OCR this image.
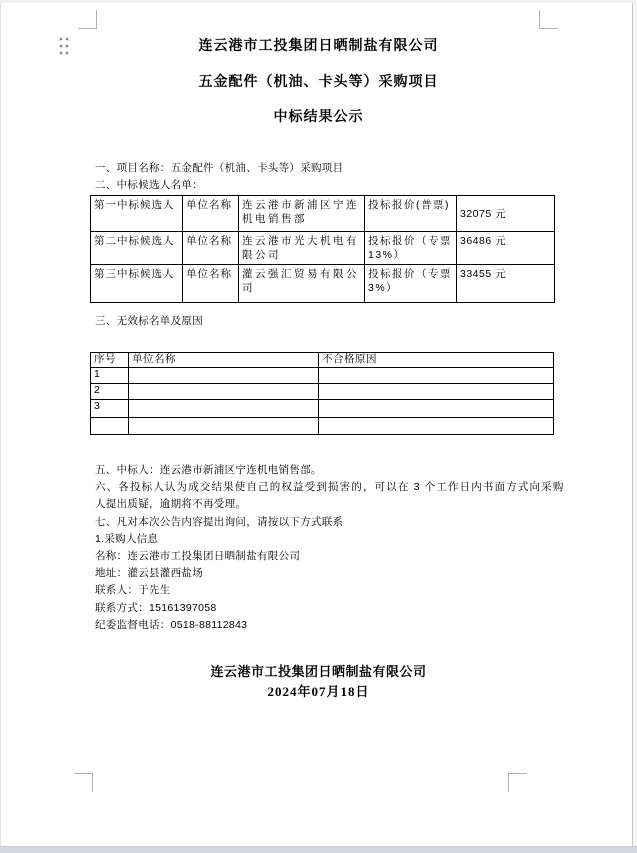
连云港市工投集团日晒制盐有限公司
五金配件（机油、卡头等）采购项目
中标结果公示
一、项目名称：五金配件（机油、卡头等）采购项目
二、中标候选人名单：
第一中标候选人	单位名称	连云港市新浦区宁连机电销售部	投标报价(普票)	32075 元
第二中标候选人	单位名称	连云港市光大机电有限公司	投标报价（专票13%）	36486 元
第三中标候选人	单位名称	灌云强汇贸易有限公司	投标报价（专票3%）	33455 元
三、无效标名单及原因
序号	单位名称	不合格原因
1		
2		
3		

五、中标人：连云港市新浦区宁连机电销售部。
六、各投标人认为成交结果使自己的权益受到损害的，可以在 3 个工作日内书面方式向采购
人提出质疑，逾期将不再受理。
七、凡对本次公告内容提出询问，请按以下方式联系
1.采购人信息
名称：连云港市工投集团日晒制盐有限公司
地址：灌云县灌西盐场
联系人：于先生
联系方式：15161397058
纪委监督电话：0518-88112843
连云港市工投集团日晒制盐有限公司
2024年07月18日
